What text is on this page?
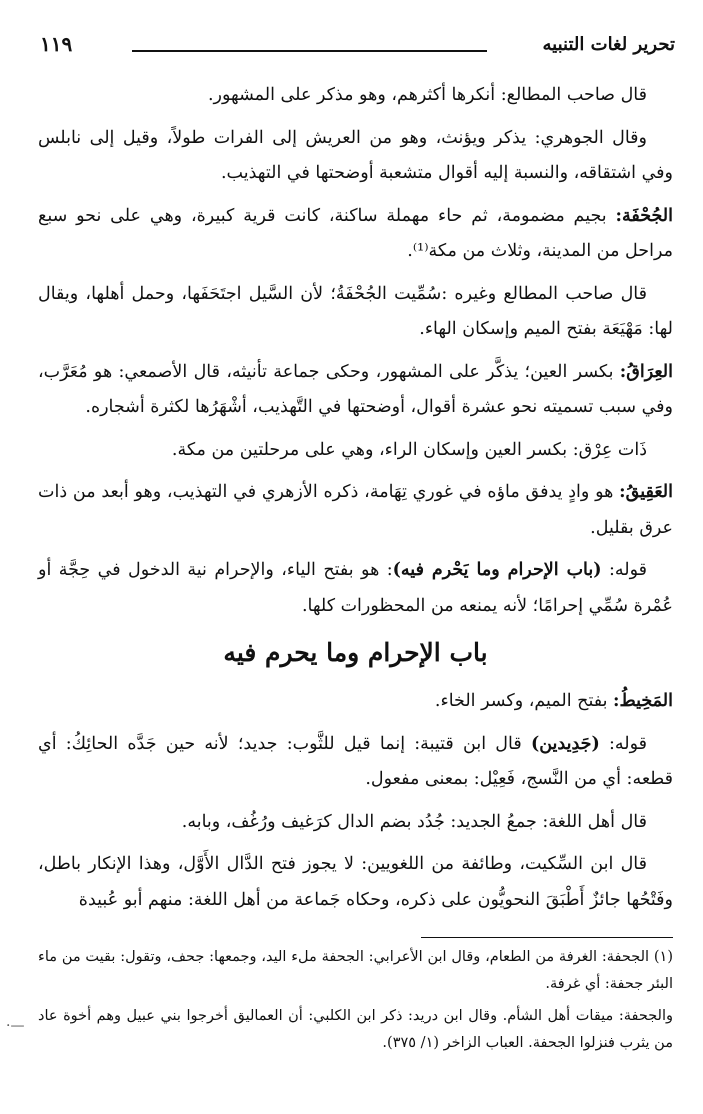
تحرير لغات التنبيه
١١٩

قال صاحب المطالع: أنكرها أكثرهم، وهو مذكر على المشهور.

وقال الجوهري: يذكر ويؤنث، وهو من العريش إلى الفرات طولاً، وقيل إلى نابلس وفي اشتقاقه، والنسبة إليه أقوال متشعبة أوضحتها في التهذيب.

الجُحْفَة: بجيم مضمومة، ثم حاء مهملة ساكنة، كانت قرية كبيرة، وهي على نحو سبع مراحل من المدينة، وثلاث من مكة⁽¹⁾.

قال صاحب المطالع وغيره :سُمِّيت الجُحْفَةُ؛ لأن السَّيل اجتَحَفَها، وحمل أهلها، ويقال لها: مَهْيَعَة بفتح الميم وإسكان الهاء.

العِرَاقُ: بكسر العين؛ يذكَّر على المشهور، وحكى جماعة تأنيثه، قال الأصمعي: هو مُعَرَّب، وفي سبب تسميته نحو عشرة أقوال، أوضحتها في التَّهذيب، أشْهَرُها لكثرة أشجاره.

ذَات عِرْق: بكسر العين وإسكان الراء، وهي على مرحلتين من مكة.

العَقِيقُ: هو وادٍ يدفق ماؤه في غوري تِهَامة، ذكره الأزهري في التهذيب، وهو أبعد من ذات عرق بقليل.

قوله: (باب الإحرام وما يَحْرم فيه): هو بفتح الياء، والإحرام نية الدخول في حِجَّة أو عُمْرة سُمِّي إحرامًا؛ لأنه يمنعه من المحظورات كلها.

باب الإحرام وما يحرم فيه

المَخِيطُ: بفتح الميم، وكسر الخاء.

قوله: (جَدِيدين) قال ابن قتيبة: إنما قيل للثَّوب: جديد؛ لأنه حين جَدَّه الحائِكُ: أي قطعه: أي من النَّسج، فَعِيْل: بمعنى مفعول.

قال أهل اللغة: جمعُ الجديد: جُدُد بضم الدال كرَغيف ورُغُف، وبابه.

قال ابن السِّكيت، وطائفة من اللغويين: لا يجوز فتح الدَّال الأَوَّل، وهذا الإنكار باطل، وفَتْحُها جائزٌ أَطْبَقَ النحويُّون على ذكره، وحكاه جَماعة من أهل اللغة: منهم أبو عُبيدة

(١) الجحفة: الغرفة من الطعام، وقال ابن الأعرابي: الجحفة ملء اليد، وجمعها: جحف، وتقول: بقيت من ماء البئر جحفة: أي غرفة.

والجحفة: ميقات أهل الشأم. وقال ابن دريد: ذكر ابن الكلبي: أن العماليق أخرجوا بني عبيل وهم أخوة عاد من يثرب فنزلوا الجحفة. العباب الزاخر (١/ ٣٧٥).

·—
